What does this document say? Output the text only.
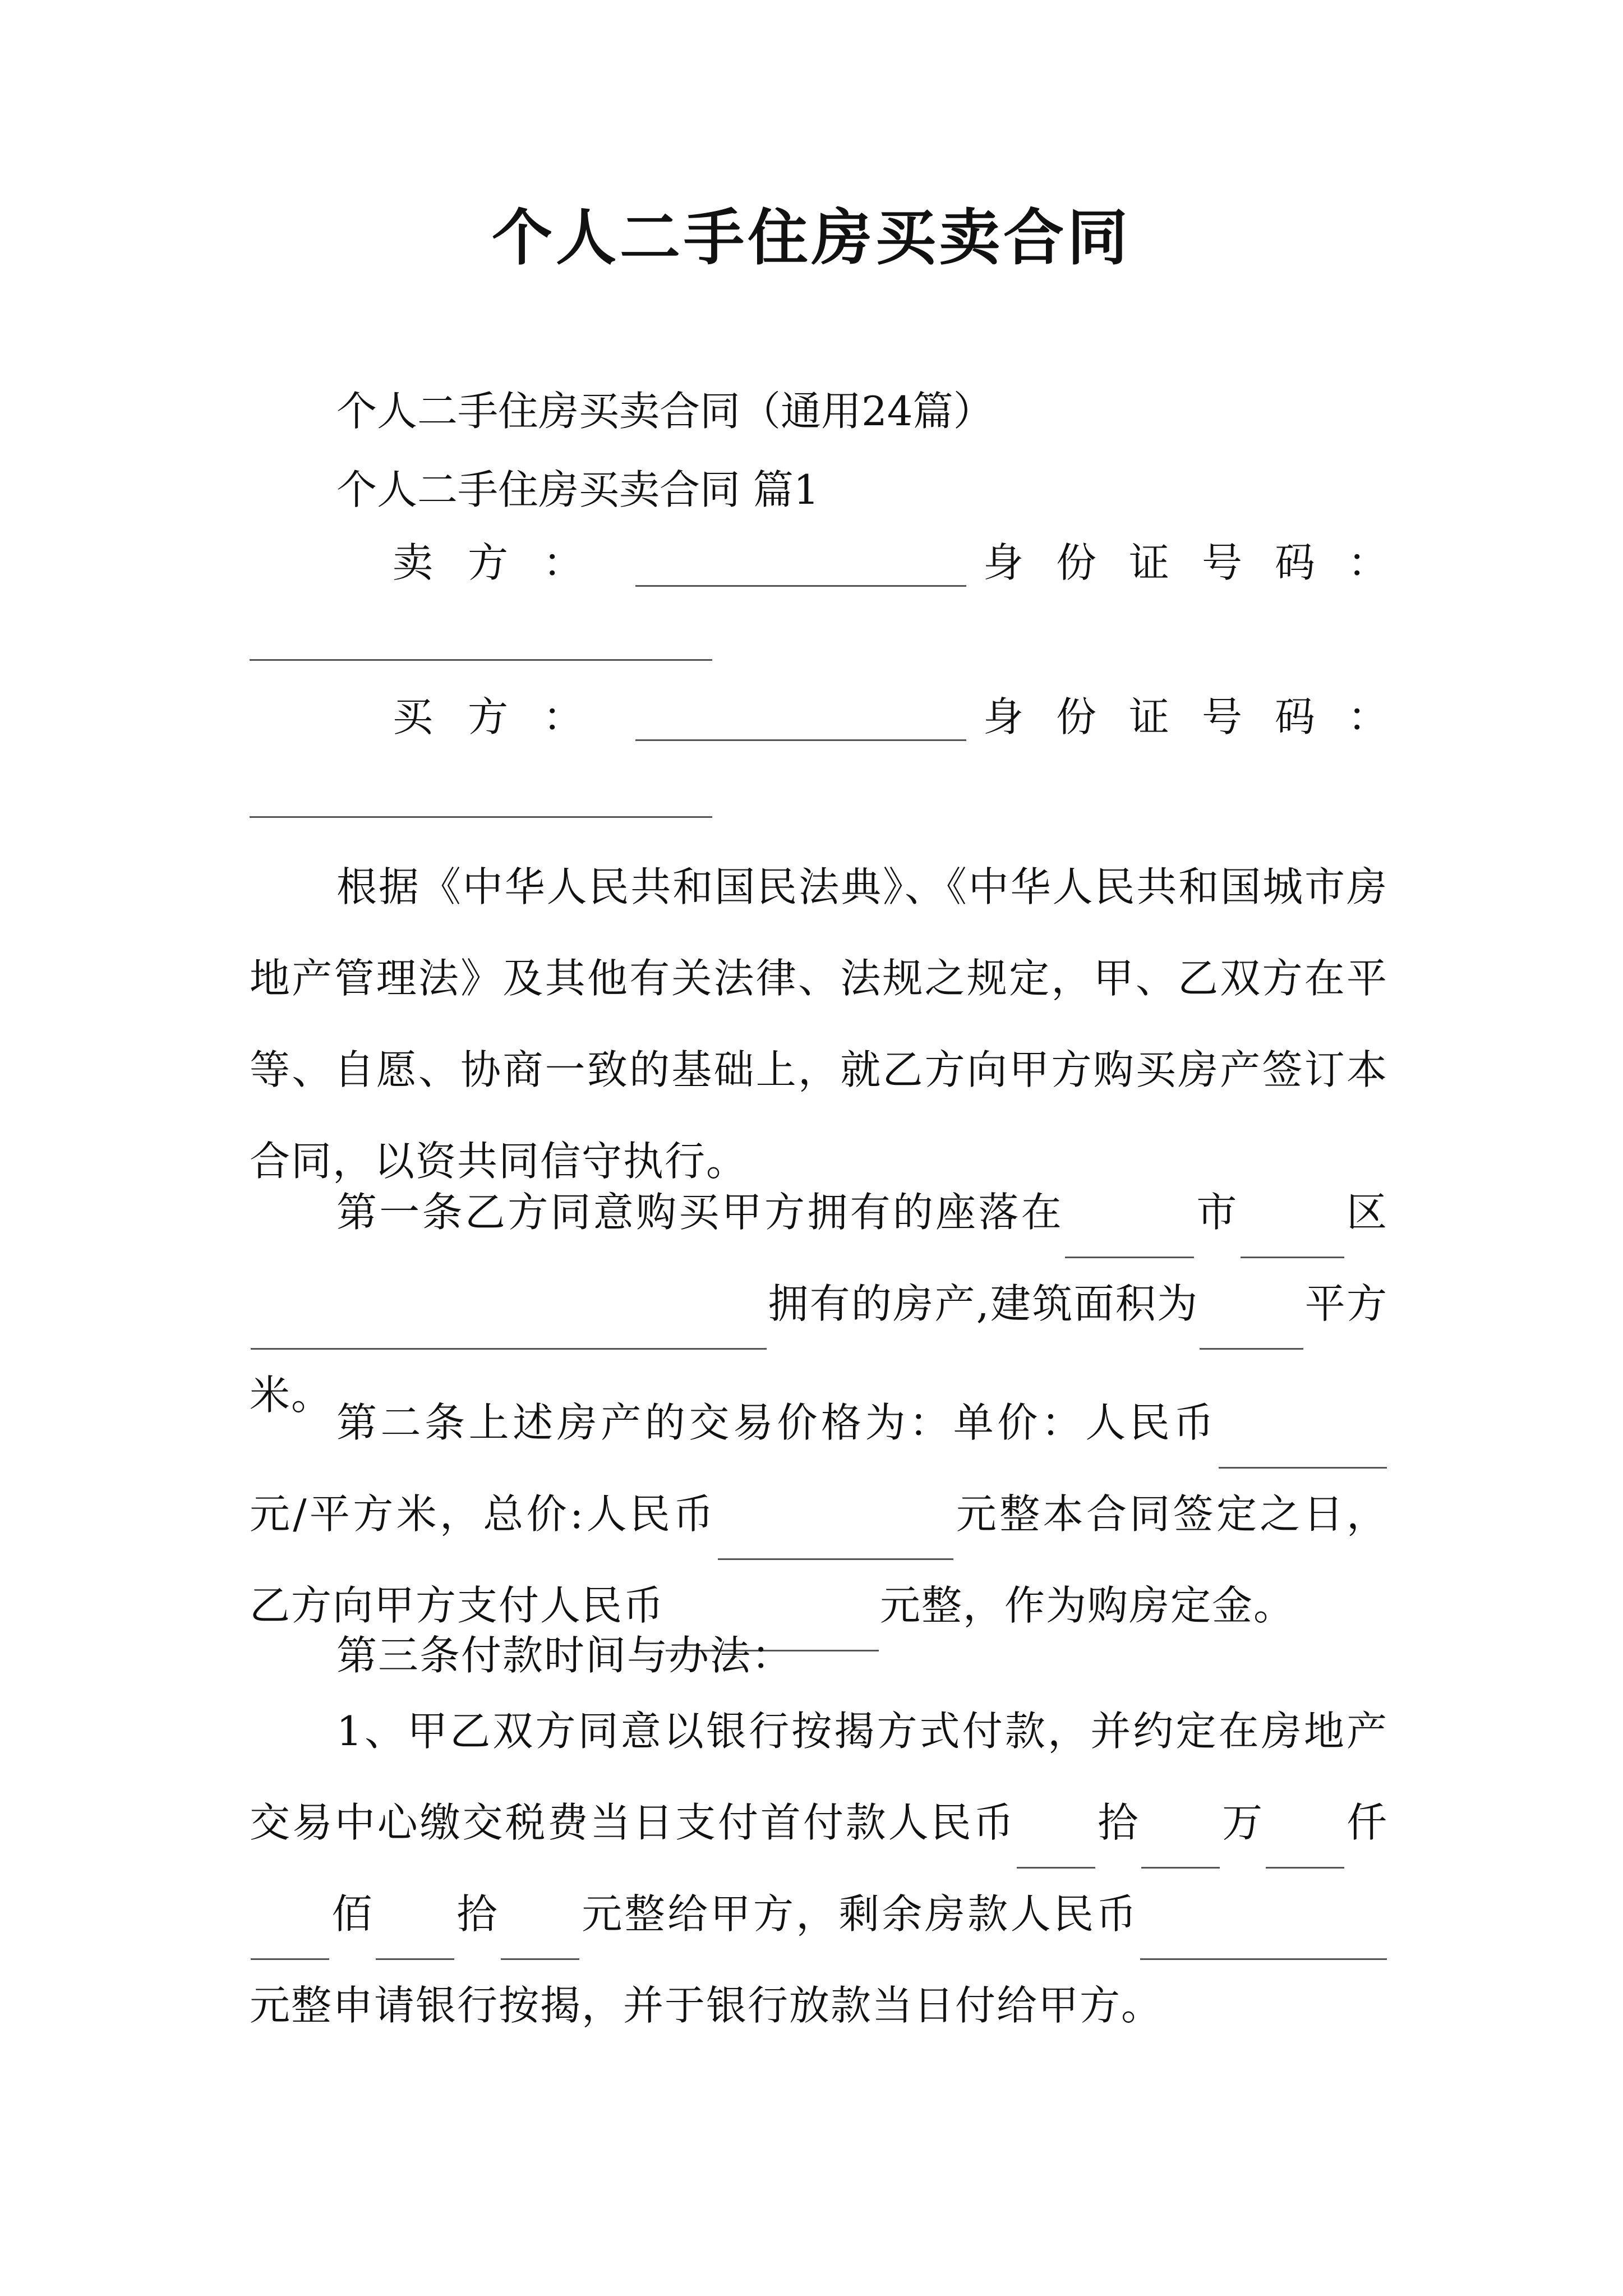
个人二手住房买卖合同
个人二手住房买卖合同（通用24篇）
个人二手住房买卖合同 篇1
卖方：	身份证号码：
买方：	身份证号码：
根据《中华人民共和国民法典》、《中华人民共和国城市房地产管理法》及其他有关法律、法规之规定，甲、乙双方在平等、自愿、协商一致的基础上，就乙方向甲方购买房产签订本合同，以资共同信守执行。
第一条乙方同意购买甲方拥有的座落在	市	区拥有的房产,建筑面积为	平方米。
第二条上述房产的交易价格为：单价：人民币元/平方米，总价:人民币	元整本合同签定之日，乙方向甲方支付人民币	元整，作为购房定金。
第三条付款时间与办法：
1、甲乙双方同意以银行按揭方式付款，并约定在房地产交易中心缴交税费当日支付首付款人民币 拾 万 仟佰 拾 元整给甲方，剩余房款人民币元整申请银行按揭，并于银行放款当日付给甲方。
